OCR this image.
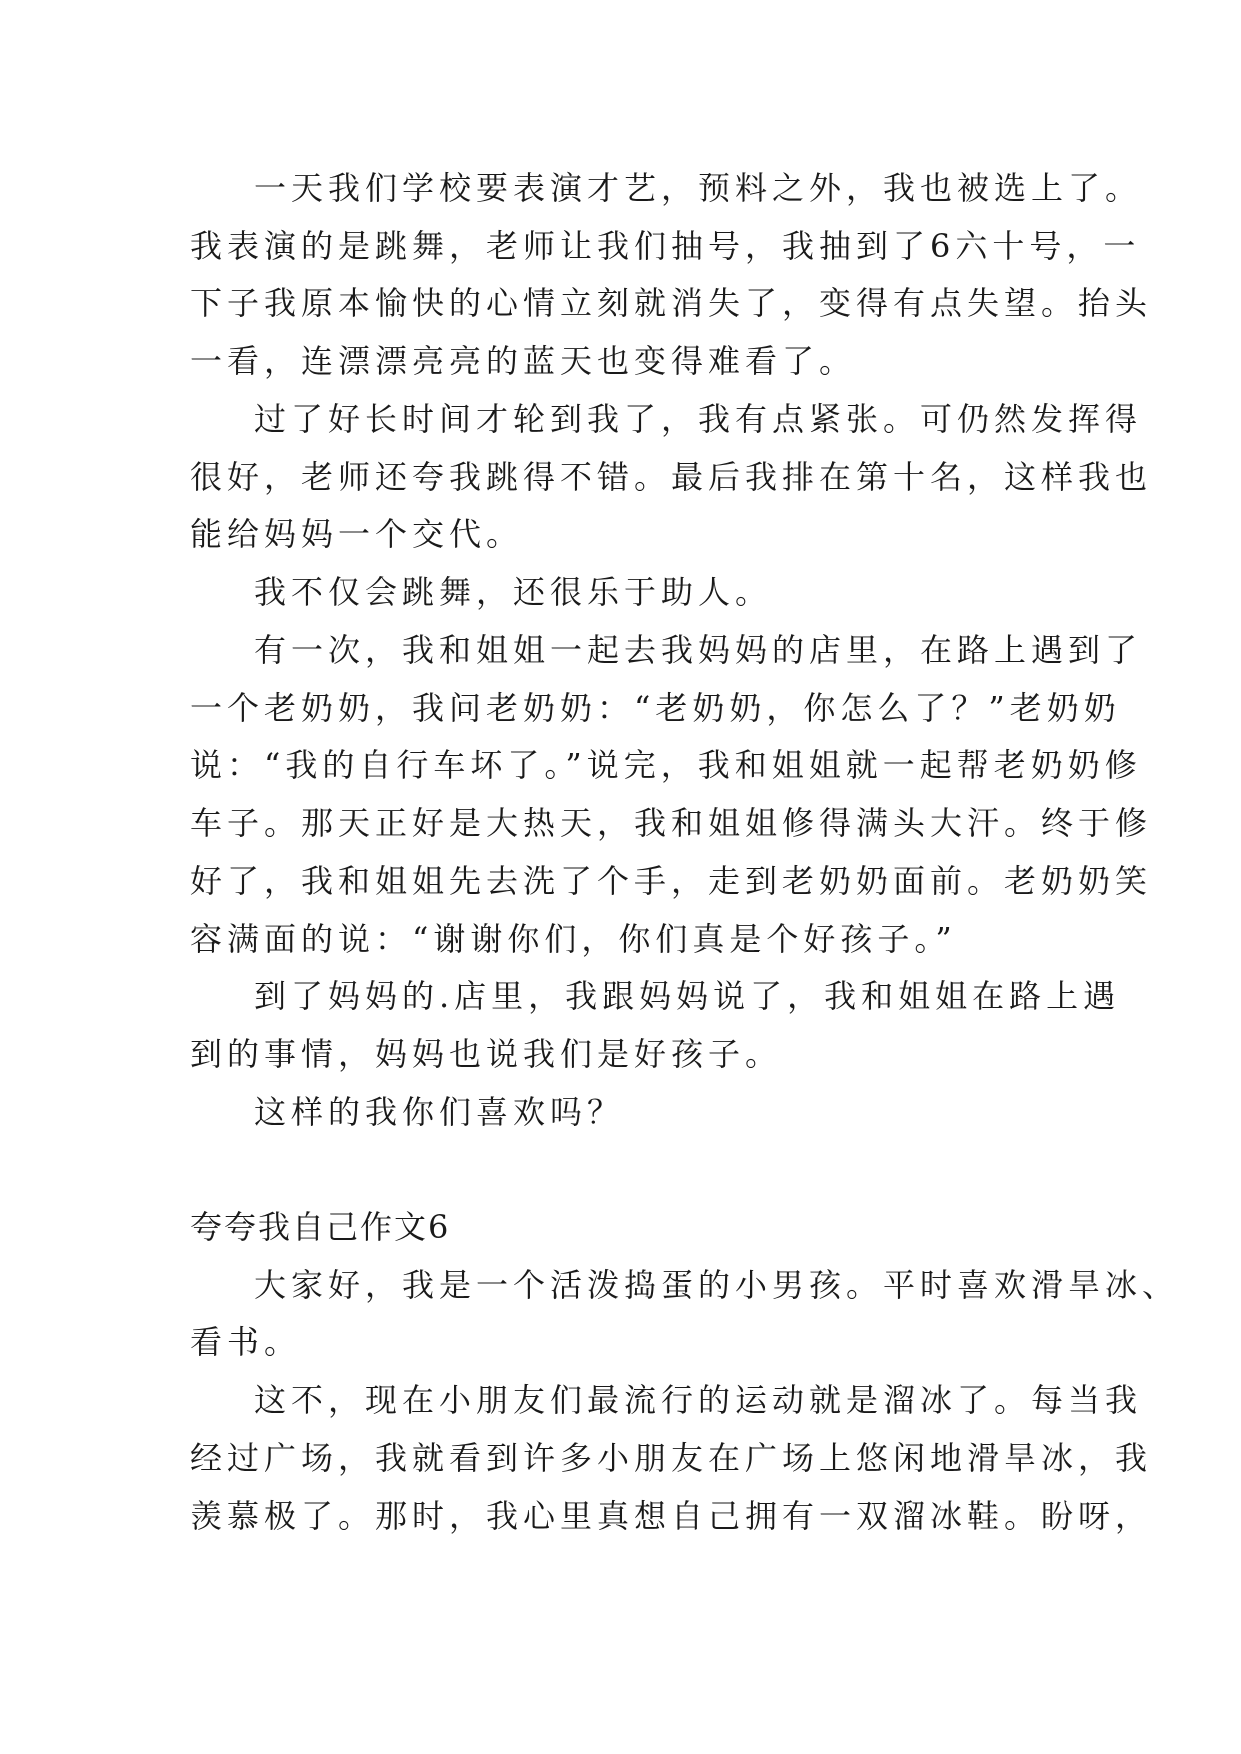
一天我们学校要表演才艺，预料之外，我也被选上了。
我表演的是跳舞，老师让我们抽号，我抽到了6六十号，一
下子我原本愉快的心情立刻就消失了，变得有点失望。抬头
一看，连漂漂亮亮的蓝天也变得难看了。
过了好长时间才轮到我了，我有点紧张。可仍然发挥得
很好，老师还夸我跳得不错。最后我排在第十名，这样我也
能给妈妈一个交代。
我不仅会跳舞，还很乐于助人。
有一次，我和姐姐一起去我妈妈的店里，在路上遇到了
一个老奶奶，我问老奶奶：“老奶奶，你怎么了？”老奶奶
说：“我的自行车坏了。”说完，我和姐姐就一起帮老奶奶修
车子。那天正好是大热天，我和姐姐修得满头大汗。终于修
好了，我和姐姐先去洗了个手，走到老奶奶面前。老奶奶笑
容满面的说：“谢谢你们，你们真是个好孩子。”
到了妈妈的.店里，我跟妈妈说了，我和姐姐在路上遇
到的事情，妈妈也说我们是好孩子。
这样的我你们喜欢吗？
夸夸我自己作文6
大家好，我是一个活泼捣蛋的小男孩。平时喜欢滑旱冰、
看书。
这不，现在小朋友们最流行的运动就是溜冰了。每当我
经过广场，我就看到许多小朋友在广场上悠闲地滑旱冰，我
羡慕极了。那时，我心里真想自己拥有一双溜冰鞋。盼呀，
